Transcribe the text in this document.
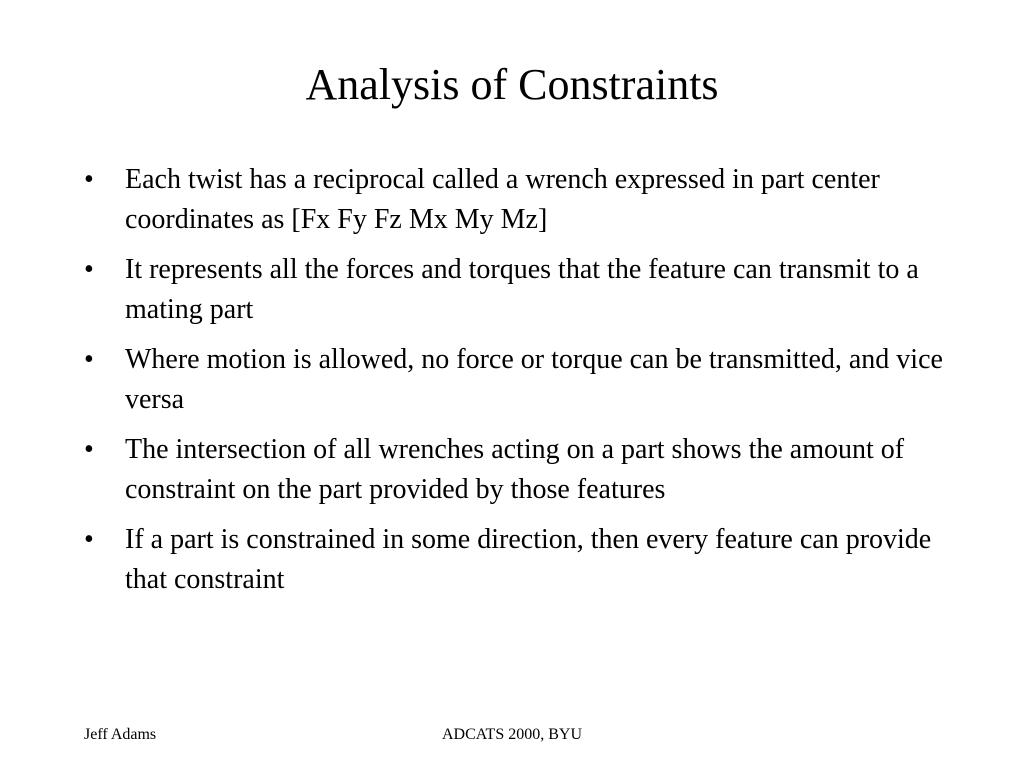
Analysis of Constraints
•	Each twist has a reciprocal called a wrench expressed in part center coordinates as [Fx Fy Fz Mx My Mz]
•	It represents all the forces and torques that the feature can transmit to a mating part
•	Where motion is allowed, no force or torque can be transmitted, and vice versa
•	The intersection of all wrenches acting on a part shows the amount of constraint on the part provided by those features
•	If a part is constrained in some direction, then every feature can provide that constraint
Jeff Adams	ADCATS 2000, BYU
